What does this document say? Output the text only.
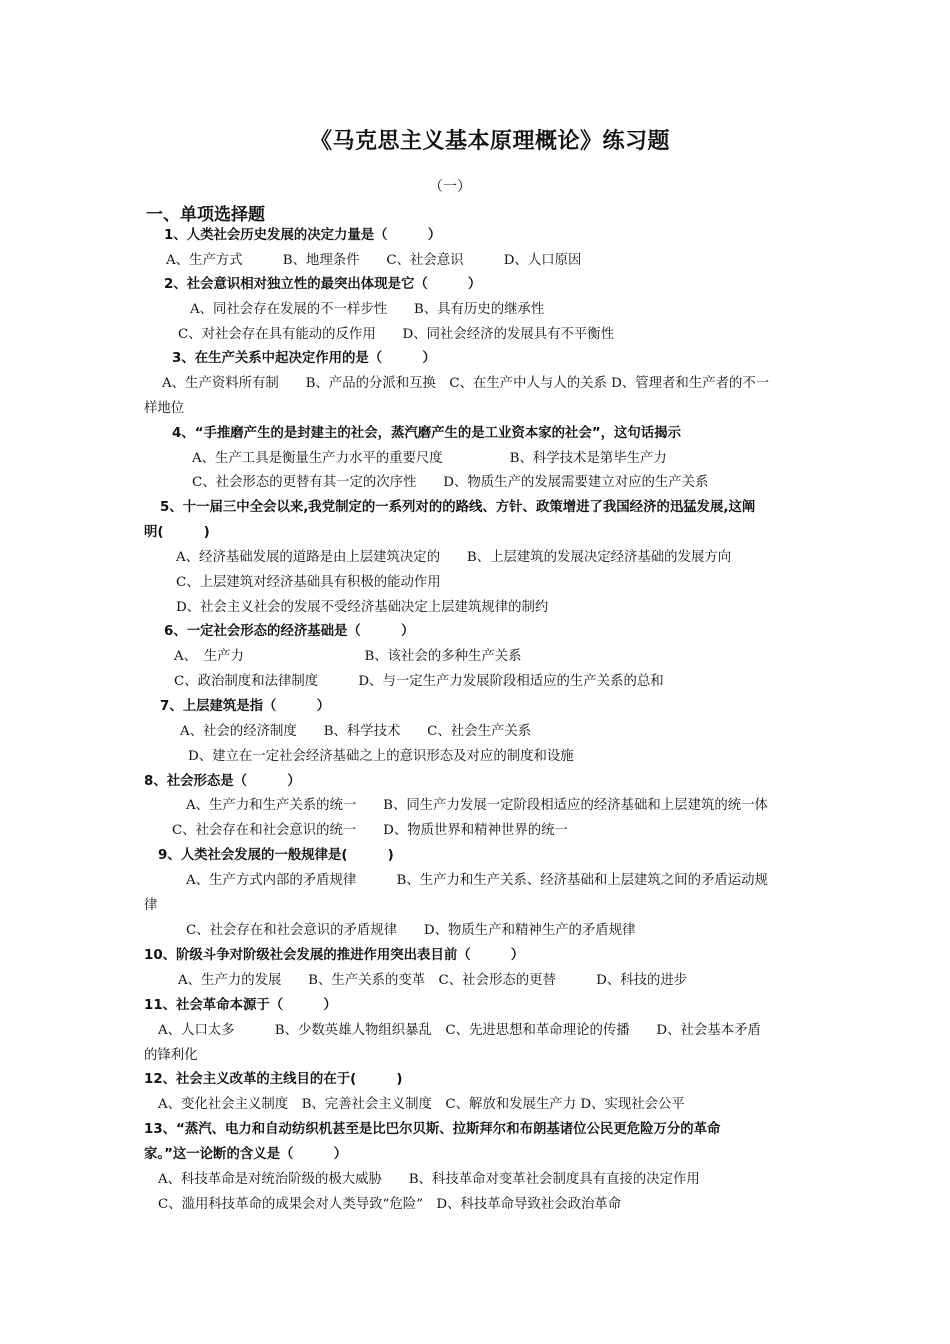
《马克思主义基本原理概论》练习题
（一）
一、单项选择题
1、人类社会历史发展的决定力量是（　　　）
A、生产方式　　　B、地理条件　　C、社会意识　　　D、人口原因
2、社会意识相对独立性的最突出体现是它（　　　）
A、同社会存在发展的不一样步性　　B、具有历史的继承性
C、对社会存在具有能动的反作用　　D、同社会经济的发展具有不平衡性
3、在生产关系中起决定作用的是（　　　）
A、生产资料所有制　　B、产品的分派和互换　C、在生产中人与人的关系 D、管理者和生产者的不一
样地位
4、“手推磨产生的是封建主的社会，蒸汽磨产生的是工业资本家的社会”，这句话揭示
A、生产工具是衡量生产力水平的重要尺度　　　　　B、科学技术是第毕生产力
C、社会形态的更替有其一定的次序性　　D、物质生产的发展需要建立对应的生产关系
5、十一届三中全会以来,我党制定的一系列对的的路线、方针、政策增进了我国经济的迅猛发展,这阐
明(　　　)
A、经济基础发展的道路是由上层建筑决定的　　B、上层建筑的发展决定经济基础的发展方向
C、上层建筑对经济基础具有积极的能动作用
D、社会主义社会的发展不受经济基础决定上层建筑规律的制约
6、一定社会形态的经济基础是（　　　）
A、　生产力　　　　　　　　　B、该社会的多种生产关系
C、政治制度和法律制度　　　D、与一定生产力发展阶段相适应的生产关系的总和
7、上层建筑是指（　　　）
A、社会的经济制度　　B、科学技术　　C、社会生产关系
D、建立在一定社会经济基础之上的意识形态及对应的制度和设施
8、社会形态是（　　　）
A、生产力和生产关系的统一　　B、同生产力发展一定阶段相适应的经济基础和上层建筑的统一体
C、社会存在和社会意识的统一　　D、物质世界和精神世界的统一
9、人类社会发展的一般规律是(　　　)
A、生产方式内部的矛盾规律　　　B、生产力和生产关系、经济基础和上层建筑之间的矛盾运动规
律
C、社会存在和社会意识的矛盾规律　　D、物质生产和精神生产的矛盾规律
10、阶级斗争对阶级社会发展的推进作用突出表目前（　　　）
A、生产力的发展　　B、生产关系的变革　C、社会形态的更替　　　D、科技的进步
11、社会革命本源于（　　　）
A、人口太多　　　B、少数英雄人物组织暴乱　C、先进思想和革命理论的传播　　D、社会基本矛盾
的锋利化
12、社会主义改革的主线目的在于(　　　)
A、变化社会主义制度　B、完善社会主义制度　C、解放和发展生产力 D、实现社会公平
13、“蒸汽、电力和自动纺织机甚至是比巴尔贝斯、拉斯拜尔和布朗基诸位公民更危险万分的革命
家。”这一论断的含义是（　　　）
A、科技革命是对统治阶级的极大威胁　　B、科技革命对变革社会制度具有直接的决定作用
C、滥用科技革命的成果会对人类导致“危险”　D、科技革命导致社会政治革命
